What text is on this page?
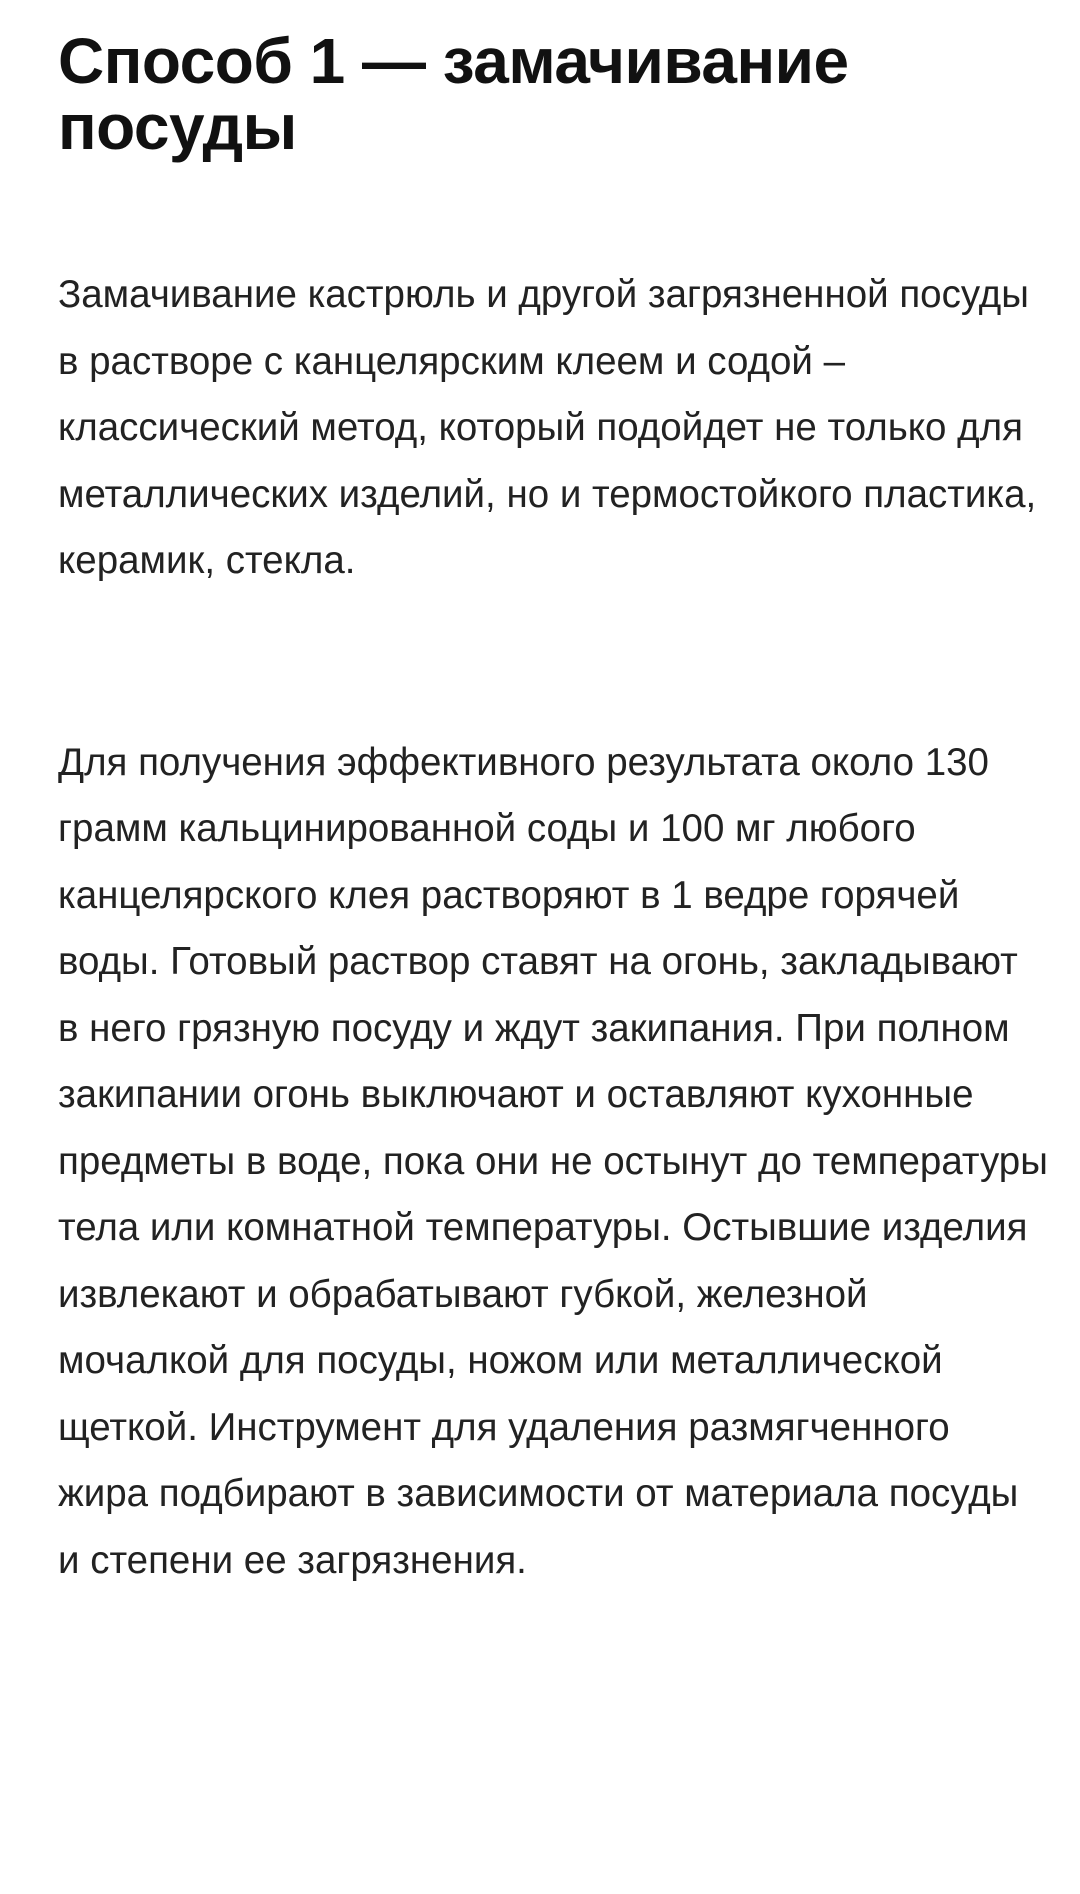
Способ 1 — замачивание посуды

Замачивание кастрюль и другой загрязненной посуды в растворе с канцелярским клеем и содой – классический метод, который подойдет не только для металлических изделий, но и термостойкого пластика, керамик, стекла.

Для получения эффективного результата около 130 грамм кальцинированной соды и 100 мг любого канцелярского клея растворяют в 1 ведре горячей воды. Готовый раствор ставят на огонь, закладывают в него грязную посуду и ждут закипания. При полном закипании огонь выключают и оставляют кухонные предметы в воде, пока они не остынут до температуры тела или комнатной температуры. Остывшие изделия извлекают и обрабатывают губкой, железной мочалкой для посуды, ножом или металлической щеткой. Инструмент для удаления размягченного жира подбирают в зависимости от материала посуды и степени ее загрязнения.
